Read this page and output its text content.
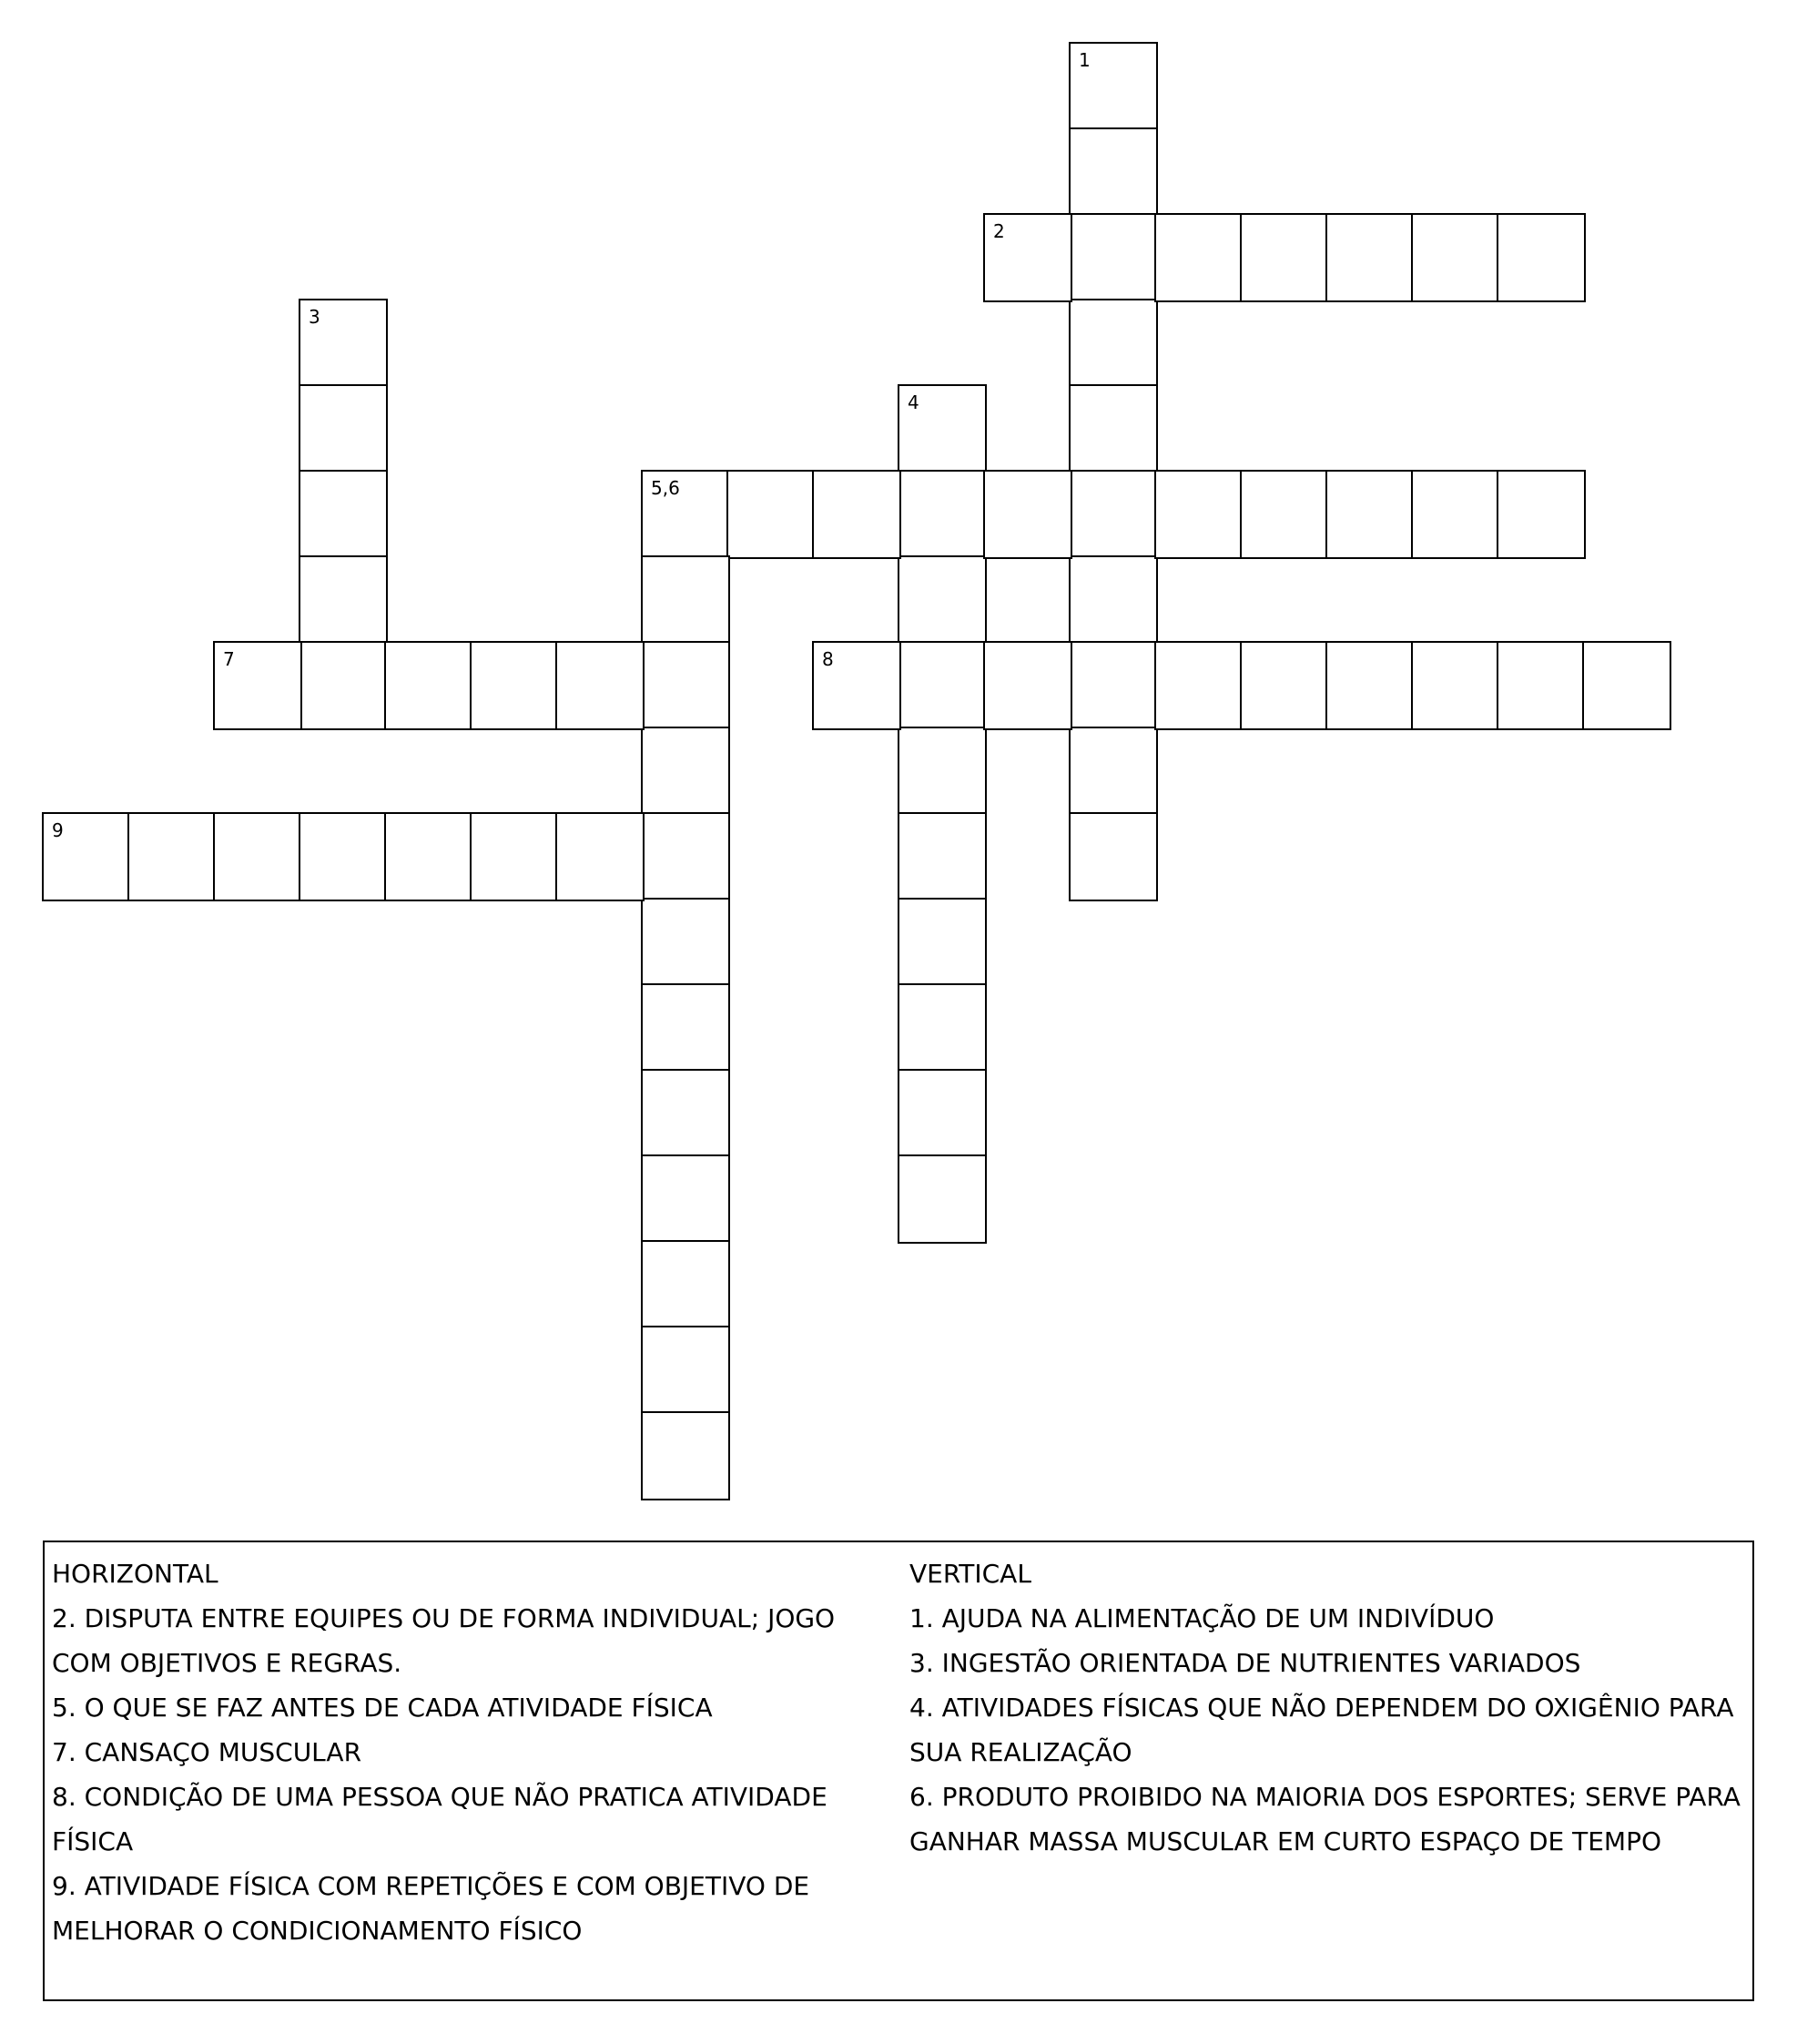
1
2
3
4
5,6
7	8
9
HORIZONTAL
2. DISPUTA ENTRE EQUIPES OU DE FORMA INDIVIDUAL; JOGO
COM OBJETIVOS E REGRAS.
5. O QUE SE FAZ ANTES DE CADA ATIVIDADE FÍSICA
7. CANSAÇO MUSCULAR
8. CONDIÇÃO DE UMA PESSOA QUE NÃO PRATICA ATIVIDADE
FÍSICA
9. ATIVIDADE FÍSICA COM REPETIÇÕES E COM OBJETIVO DE
MELHORAR O CONDICIONAMENTO FÍSICO
VERTICAL
1. AJUDA NA ALIMENTAÇÃO DE UM INDIVÍDUO
3. INGESTÃO ORIENTADA DE NUTRIENTES VARIADOS
4. ATIVIDADES FÍSICAS QUE NÃO DEPENDEM DO OXIGÊNIO PARA
SUA REALIZAÇÃO
6. PRODUTO PROIBIDO NA MAIORIA DOS ESPORTES; SERVE PARA
GANHAR MASSA MUSCULAR EM CURTO ESPAÇO DE TEMPO
